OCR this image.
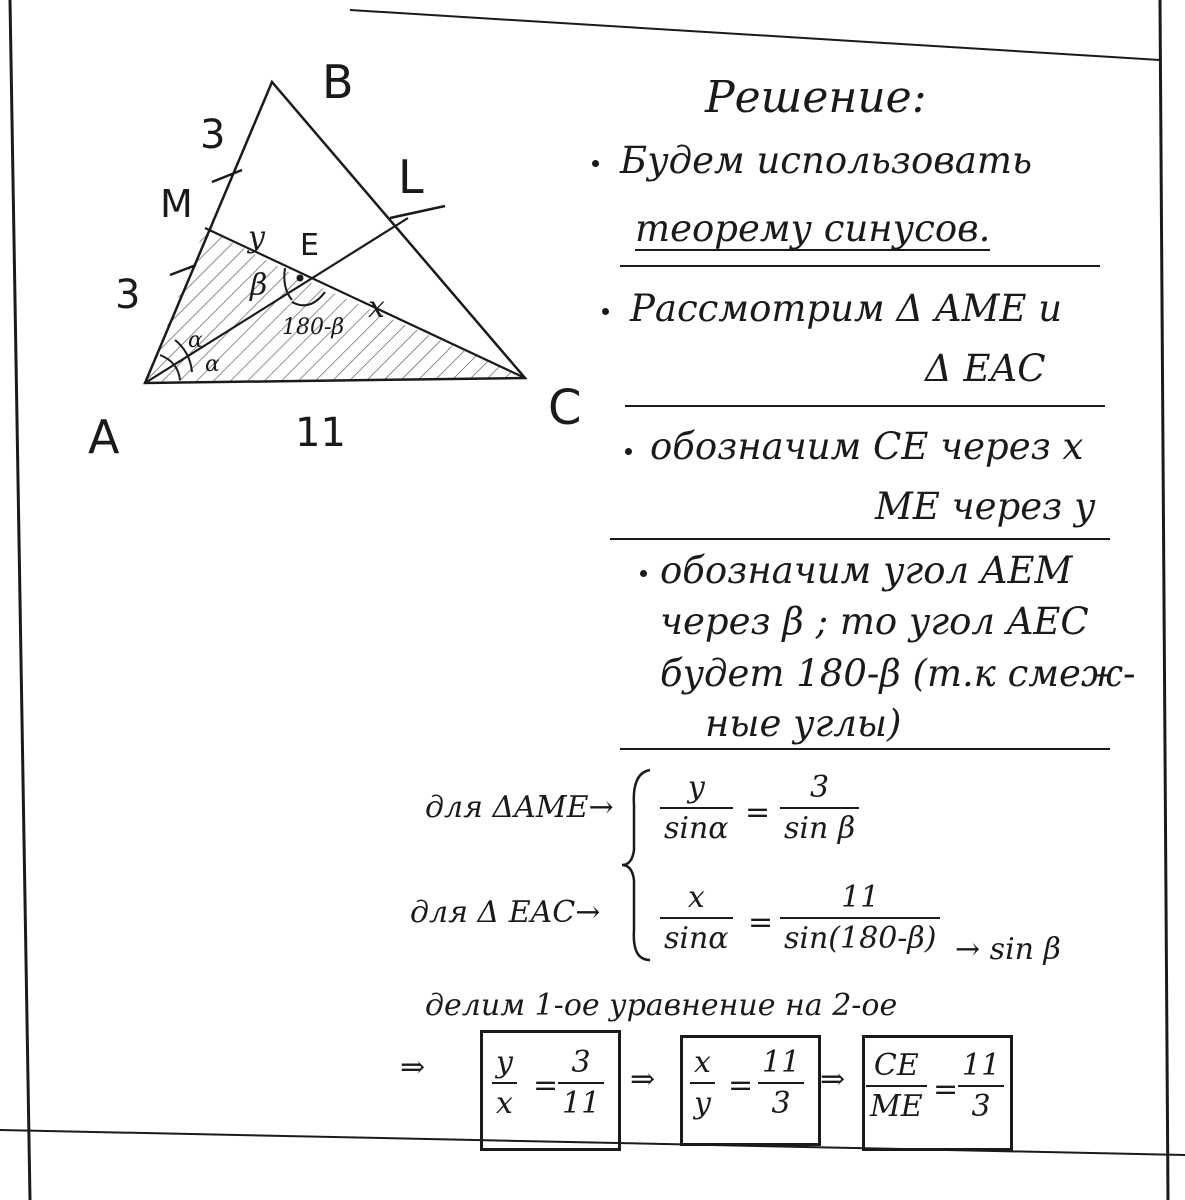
A
B
C
M
E
L
3
3
11
y
x
β
180-β
α
α
Решение:
Будем использовать
теорему синусов.
Рассмотрим Δ AME и
Δ EAC
обозначим CE через x
ME через y
обозначим угол AEM
через β ; то угол AEC
будет 180-β (т.к смеж-
ные углы)
для ΔAME→
для Δ EAC→
y
sinα =
3
sin β
x
sinα =
11
sin(180-β) → sin β
делим 1-ое уравнение на 2-ое
⇒ y
x
=
3
11
⇒ x
y
=
11
3
⇒ CE
ME =
11
3
